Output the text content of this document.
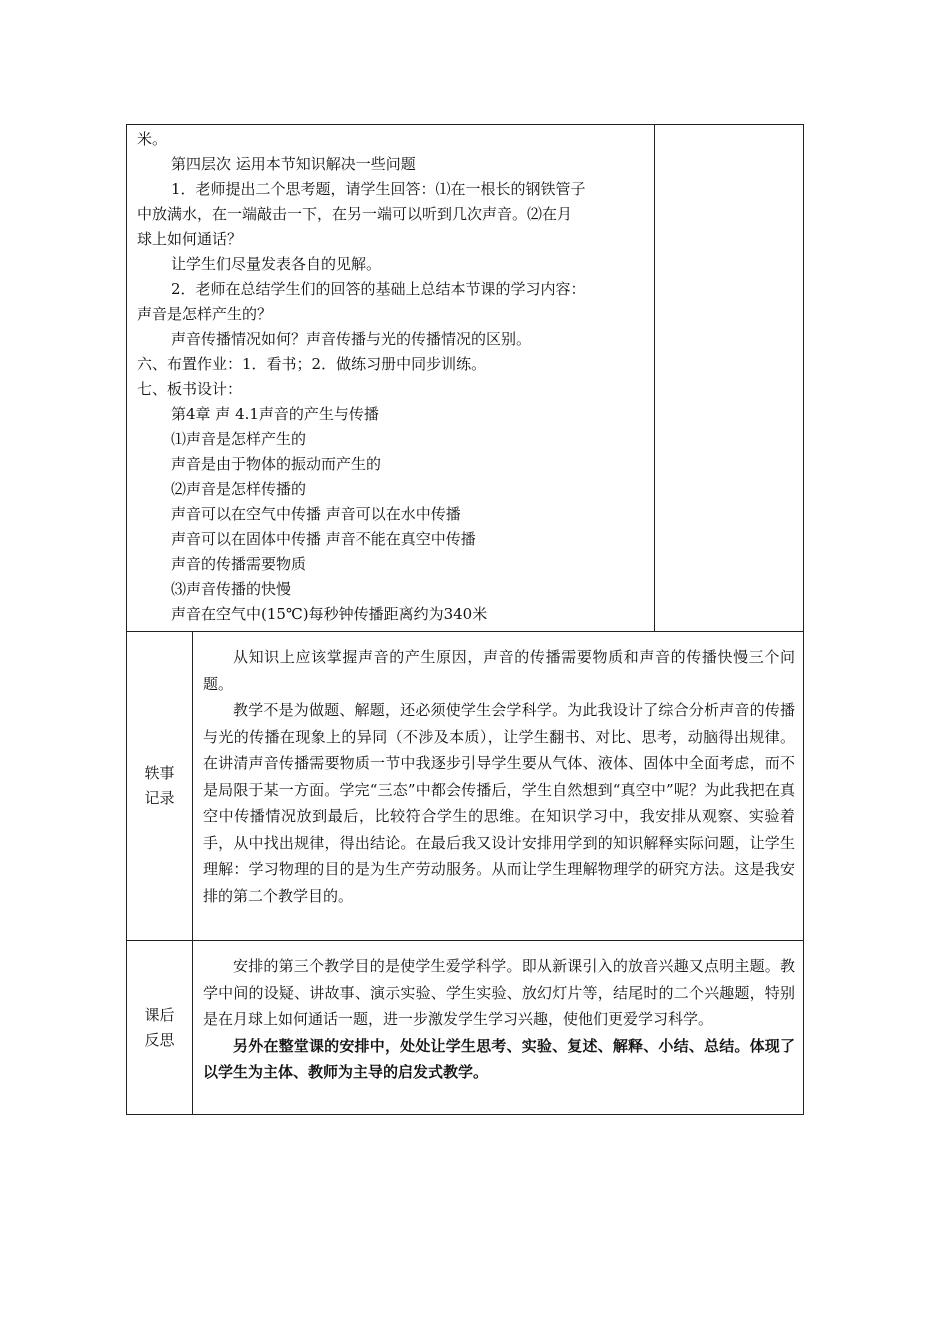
米。
第四层次 运用本节知识解决一些问题
1．老师提出二个思考题，请学生回答：⑴在一根长的钢铁管子
中放满水，在一端敲击一下，在另一端可以听到几次声音。⑵在月
球上如何通话？
让学生们尽量发表各自的见解。
2．老师在总结学生们的回答的基础上总结本节课的学习内容：
声音是怎样产生的？
声音传播情况如何？声音传播与光的传播情况的区别。
六、布置作业：1．看书；2．做练习册中同步训练。
七、板书设计：
第4章 声 4.1声音的产生与传播
⑴声音是怎样产生的
声音是由于物体的振动而产生的
⑵声音是怎样传播的
声音可以在空气中传播 声音可以在水中传播
声音可以在固体中传播 声音不能在真空中传播
声音的传播需要物质
⑶声音传播的快慢
声音在空气中(15℃)每秒钟传播距离约为340米
轶事
记录
从知识上应该掌握声音的产生原因，声音的传播需要物质和声音的传播快慢三个问题。
教学不是为做题、解题，还必须使学生会学科学。为此我设计了综合分析声音的传播与光的传播在现象上的异同（不涉及本质），让学生翻书、对比、思考，动脑得出规律。在讲清声音传播需要物质一节中我逐步引导学生要从气体、液体、固体中全面考虑，而不是局限于某一方面。学完“三态”中都会传播后，学生自然想到“真空中”呢？为此我把在真空中传播情况放到最后，比较符合学生的思维。在知识学习中，我安排从观察、实验着手，从中找出规律，得出结论。在最后我又设计安排用学到的知识解释实际问题，让学生理解：学习物理的目的是为生产劳动服务。从而让学生理解物理学的研究方法。这是我安排的第二个教学目的。
课后
反思
安排的第三个教学目的是使学生爱学科学。即从新课引入的放音兴趣又点明主题。教学中间的设疑、讲故事、演示实验、学生实验、放幻灯片等，结尾时的二个兴趣题，特别是在月球上如何通话一题，进一步激发学生学习兴趣，使他们更爱学习科学。
另外在整堂课的安排中，处处让学生思考、实验、复述、解释、小结、总结。体现了以学生为主体、教师为主导的启发式教学。
